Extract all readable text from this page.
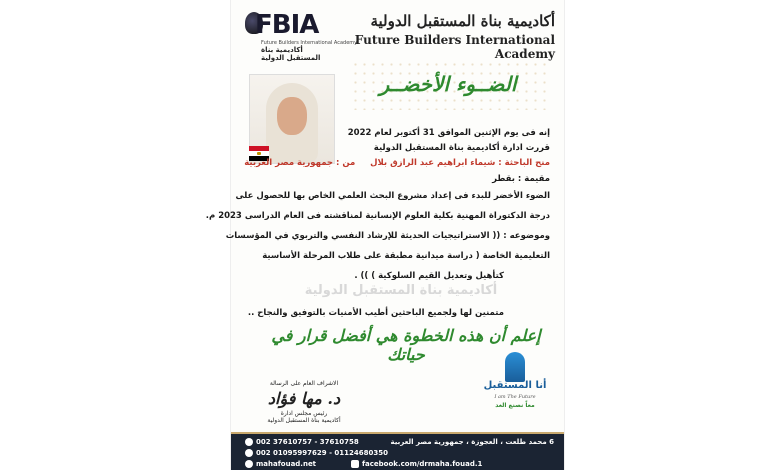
FBIA
Future Builders International Academy
أكاديمية بناة المستقبل الدولية
أكاديمية بناة المستقبل الدولية
Future Builders International Academy
الضــوء الأخضــر
إنه فى يوم الإثنين الموافق 31 أكتوبر لعام 2022
قررت ادارة أكاديمية بناة المستقبل الدولية
منح الباحثة : شيماء ابراهيم عبد الرازق بلال     من : جمهورية مصر العربية
مقيمة : بقطر
الضوء الأخضر للبدء فى إعداد مشروع البحث العلمي الخاص بها للحصول على
درجة الدكتوراة المهنية بكلية العلوم الإنسانية لمناقشته فى العام الدراسى 2023 م.
وموضوعه : (( الاستراتيجيات الحديثة للإرشاد النفسي والتربوي في المؤسسات
التعليمية الخاصة ( دراسة ميدانية مطبقة على طلاب المرحلة الأساسية
كتأهيل وتعديل القيم السلوكية ) )) .
أكاديمية بناة المستقبل الدولية
متمنين لها ولجميع الباحثين أطيب الأمنيات بالتوفيق والنجاح ..
إعلم أن هذه الخطوة هي أفضل قرار في حياتك
الاشراف العام على الرسالة
د. مها فؤاد
رئيس مجلس ادارة
أكاديمية بناة المستقبل الدولية
أنا المستقبل
I am The Future
معاً نصنع الغد
002 37610757 - 37610758
002 01095997629 - 01124680350
mahafouad.net
6 محمد طلعت ، العجوزة ، جمهورية مصر العربية
facebook.com/drmaha.fouad.1
